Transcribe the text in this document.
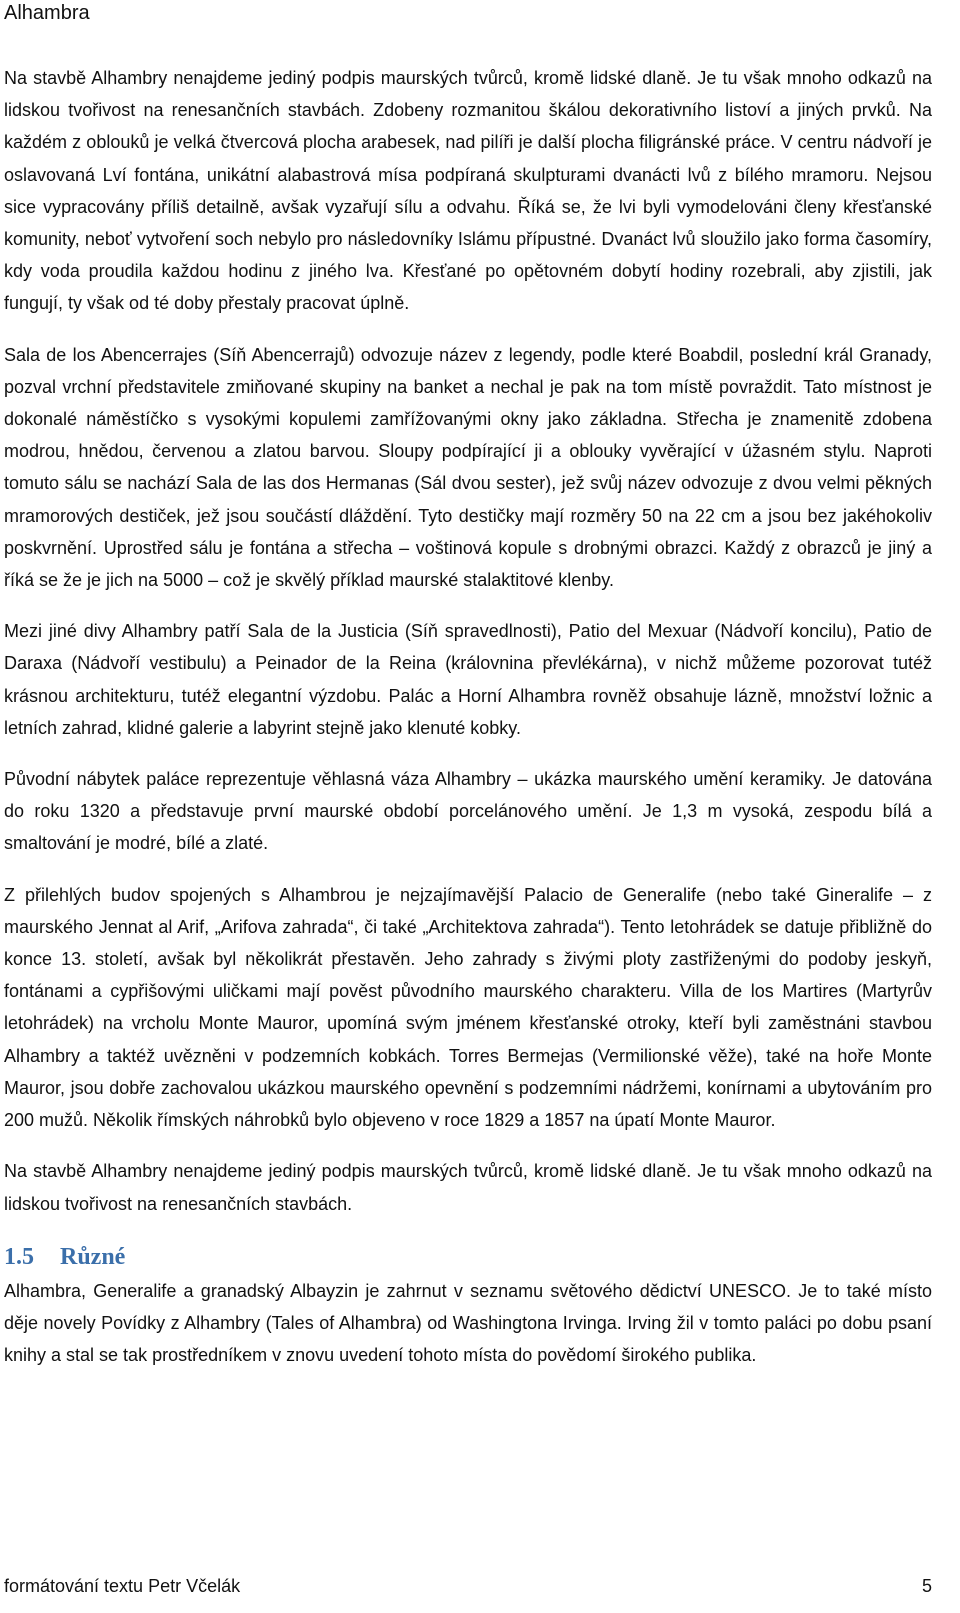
Alhambra

Na stavbě Alhambry nenajdeme jediný podpis maurských tvůrců, kromě lidské dlaně. Je tu však mnoho odkazů na lidskou tvořivost na renesančních stavbách. Zdobeny rozmanitou škálou dekorativního listoví a jiných prvků. Na každém z oblouků je velká čtvercová plocha arabesek, nad pilíři je další plocha filigránské práce. V centru nádvoří je oslavovaná Lví fontána, unikátní alabastrová mísa podpíraná skulpturami dvanácti lvů z bílého mramoru. Nejsou sice vypracovány příliš detailně, avšak vyzařují sílu a odvahu. Říká se, že lvi byli vymodelováni členy křesťanské komunity, neboť vytvoření soch nebylo pro následovníky Islámu přípustné. Dvanáct lvů sloužilo jako forma časomíry, kdy voda proudila každou hodinu z jiného lva. Křesťané po opětovném dobytí hodiny rozebrali, aby zjistili, jak fungují, ty však od té doby přestaly pracovat úplně.

Sala de los Abencerrajes (Síň Abencerrajů) odvozuje název z legendy, podle které Boabdil, poslední král Granady, pozval vrchní představitele zmiňované skupiny na banket a nechal je pak na tom místě povraždit. Tato místnost je dokonalé náměstíčko s vysokými kopulemi zamřížovanými okny jako základna. Střecha je znamenitě zdobena modrou, hnědou, červenou a zlatou barvou. Sloupy podpírající ji a oblouky vyvěrající v úžasném stylu. Naproti tomuto sálu se nachází Sala de las dos Hermanas (Sál dvou sester), jež svůj název odvozuje z dvou velmi pěkných mramorových destiček, jež jsou součástí dláždění. Tyto destičky mají rozměry 50 na 22 cm a jsou bez jakéhokoliv poskvrnění. Uprostřed sálu je fontána a střecha – voštinová kopule s drobnými obrazci. Každý z obrazců je jiný a říká se že je jich na 5000 – což je skvělý příklad maurské stalaktitové klenby.

Mezi jiné divy Alhambry patří Sala de la Justicia (Síň spravedlnosti), Patio del Mexuar (Nádvoří koncilu), Patio de Daraxa (Nádvoří vestibulu) a Peinador de la Reina (královnina převlékárna), v nichž můžeme pozorovat tutéž krásnou architekturu, tutéž elegantní výzdobu. Palác a Horní Alhambra rovněž obsahuje lázně, množství ložnic a letních zahrad, klidné galerie a labyrint stejně jako klenuté kobky.

Původní nábytek paláce reprezentuje věhlasná váza Alhambry – ukázka maurského umění keramiky. Je datována do roku 1320 a představuje první maurské období porcelánového umění. Je 1,3 m vysoká, zespodu bílá a smaltování je modré, bílé a zlaté.

Z přilehlých budov spojených s Alhambrou je nejzajímavější Palacio de Generalife (nebo také Gineralife – z maurského Jennat al Arif, „Arifova zahrada“, či také „Architektova zahrada“). Tento letohrádek se datuje přibližně do konce 13. století, avšak byl několikrát přestavěn. Jeho zahrady s živými ploty zastřiženými do podoby jeskyň, fontánami a cypřišovými uličkami mají pověst původního maurského charakteru. Villa de los Martires (Martyrův letohrádek) na vrcholu Monte Mauror, upomíná svým jménem křesťanské otroky, kteří byli zaměstnáni stavbou Alhambry a taktéž uvězněni v podzemních kobkách. Torres Bermejas (Vermilionské věže), také na hoře Monte Mauror, jsou dobře zachovalou ukázkou maurského opevnění s podzemními nádržemi, konírnami a ubytováním pro 200 mužů. Několik římských náhrobků bylo objeveno v roce 1829 a 1857 na úpatí Monte Mauror.

Na stavbě Alhambry nenajdeme jediný podpis maurských tvůrců, kromě lidské dlaně. Je tu však mnoho odkazů na lidskou tvořivost na renesančních stavbách.

1.5 Různé

Alhambra, Generalife a granadský Albayzin je zahrnut v seznamu světového dědictví UNESCO. Je to také místo děje novely Povídky z Alhambry (Tales of Alhambra) od Washingtona Irvinga. Irving žil v tomto paláci po dobu psaní knihy a stal se tak prostředníkem v znovu uvedení tohoto místa do povědomí širokého publika.

formátování textu Petr Včelák	5
